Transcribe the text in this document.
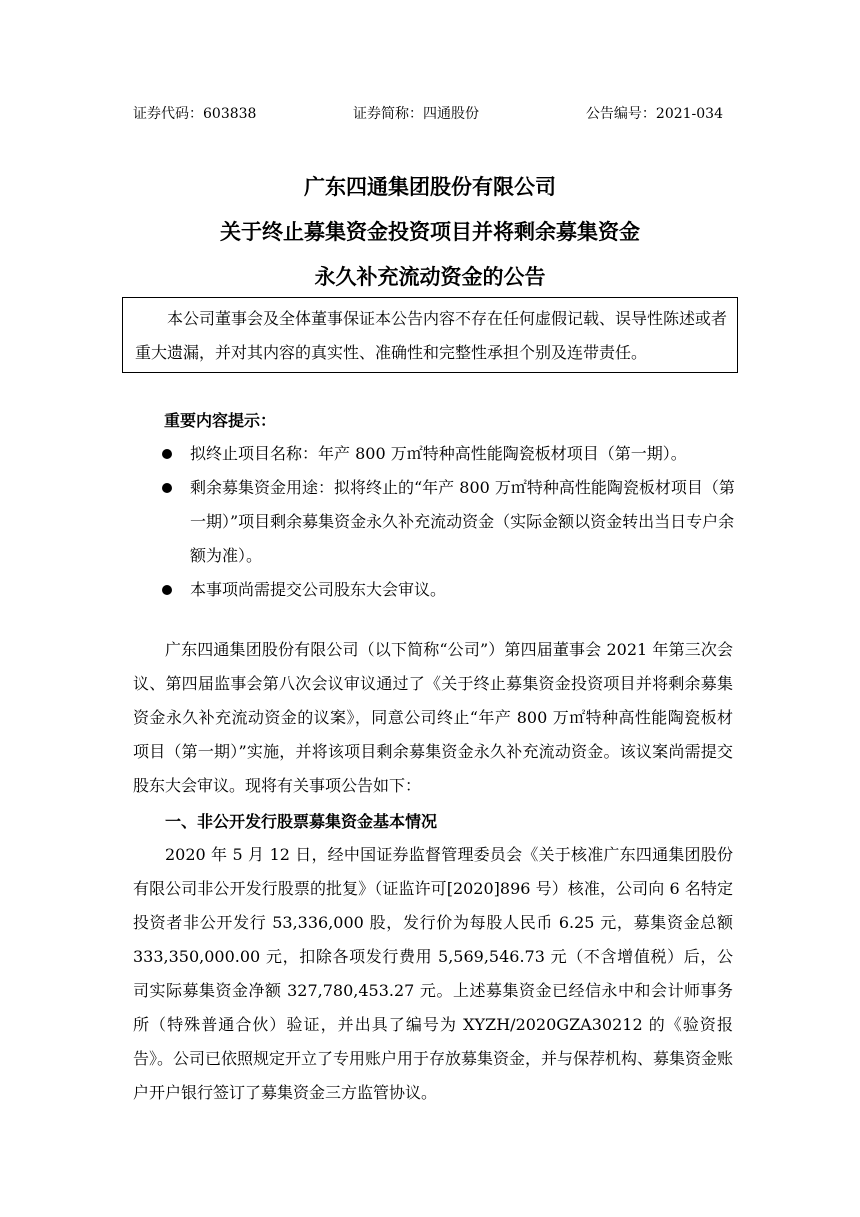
证券代码：603838	证券简称：四通股份	公告编号：2021-034
广东四通集团股份有限公司
关于终止募集资金投资项目并将剩余募集资金
永久补充流动资金的公告

本公司董事会及全体董事保证本公告内容不存在任何虚假记载、误导性陈述或者重大遗漏，并对其内容的真实性、准确性和完整性承担个别及连带责任。

重要内容提示：
拟终止项目名称：年产 800 万㎡特种高性能陶瓷板材项目（第一期）。
剩余募集资金用途：拟将终止的“年产 800 万㎡特种高性能陶瓷板材项目（第一期）”项目剩余募集资金永久补充流动资金（实际金额以资金转出当日专户余额为准）。
本事项尚需提交公司股东大会审议。

广东四通集团股份有限公司（以下简称“公司”）第四届董事会 2021 年第三次会议、第四届监事会第八次会议审议通过了《关于终止募集资金投资项目并将剩余募集资金永久补充流动资金的议案》，同意公司终止“年产 800 万㎡特种高性能陶瓷板材项目（第一期）”实施，并将该项目剩余募集资金永久补充流动资金。该议案尚需提交股东大会审议。现将有关事项公告如下：

一、非公开发行股票募集资金基本情况

2020 年 5 月 12 日，经中国证券监督管理委员会《关于核准广东四通集团股份有限公司非公开发行股票的批复》（证监许可[2020]896 号）核准，公司向 6 名特定投资者非公开发行 53,336,000 股，发行价为每股人民币 6.25 元，募集资金总额 333,350,000.00 元，扣除各项发行费用 5,569,546.73 元（不含增值税）后，公司实际募集资金净额 327,780,453.27 元。上述募集资金已经信永中和会计师事务所（特殊普通合伙）验证，并出具了编号为 XYZH/2020GZA30212 的《验资报告》。公司已依照规定开立了专用账户用于存放募集资金，并与保荐机构、募集资金账户开户银行签订了募集资金三方监管协议。
